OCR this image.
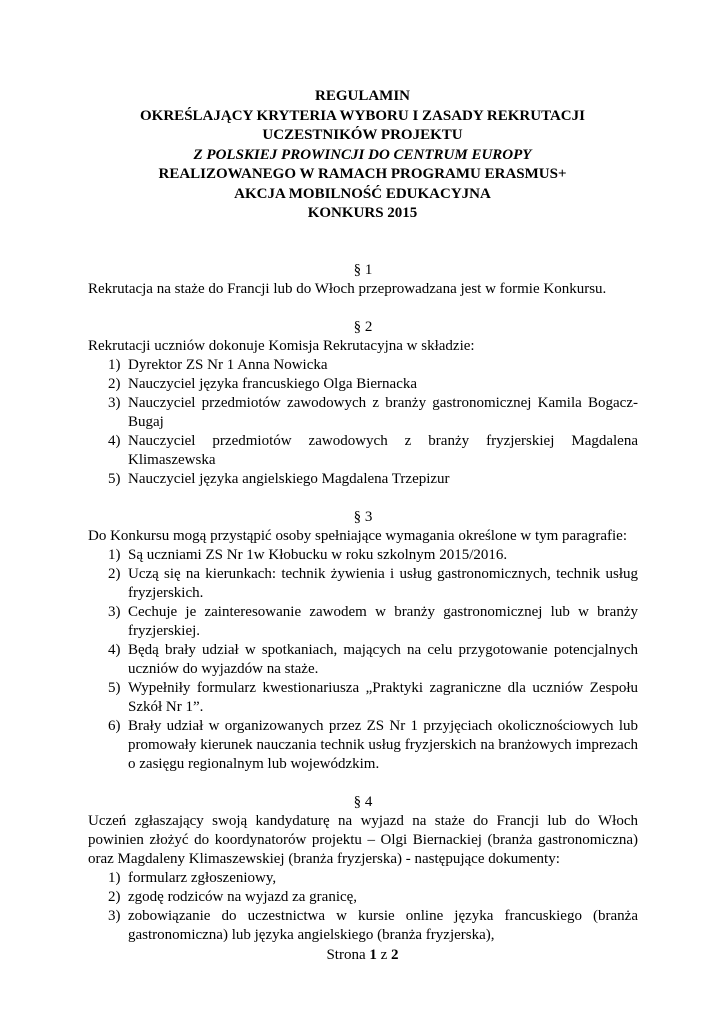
REGULAMIN
OKREŚLAJĄCY KRYTERIA WYBORU I ZASADY REKRUTACJI
UCZESTNIKÓW PROJEKTU
Z POLSKIEJ PROWINCJI DO CENTRUM EUROPY
REALIZOWANEGO W RAMACH PROGRAMU ERASMUS+
AKCJA MOBILNOŚĆ EDUKACYJNA
KONKURS 2015
§ 1

Rekrutacja na staże do Francji lub do Włoch przeprowadzana jest w formie Konkursu.

§ 2

Rekrutacji uczniów dokonuje Komisja Rekrutacyjna w składzie:

1) Dyrektor ZS Nr 1 Anna Nowicka
2) Nauczyciel języka francuskiego Olga Biernacka
3) Nauczyciel przedmiotów zawodowych z branży gastronomicznej Kamila Bogacz-Bugaj
4) Nauczyciel przedmiotów zawodowych z branży fryzjerskiej Magdalena Klimaszewska
5) Nauczyciel języka angielskiego Magdalena Trzepizur
§ 3

Do Konkursu mogą przystąpić osoby spełniające wymagania określone w tym paragrafie:

1) Są uczniami ZS Nr 1w Kłobucku w roku szkolnym 2015/2016.
2) Uczą się na kierunkach: technik żywienia i usług gastronomicznych, technik usług fryzjerskich.
3) Cechuje je zainteresowanie zawodem w branży gastronomicznej lub w branży fryzjerskiej.
4) Będą brały udział w spotkaniach, mających na celu przygotowanie potencjalnych uczniów do wyjazdów na staże.
5) Wypełniły formularz kwestionariusza „Praktyki zagraniczne dla uczniów Zespołu Szkół Nr 1”.
6) Brały udział w organizowanych przez ZS Nr 1 przyjęciach okolicznościowych lub promowały kierunek nauczania technik usług fryzjerskich na branżowych imprezach o zasięgu regionalnym lub wojewódzkim.
§ 4

Uczeń zgłaszający swoją kandydaturę na wyjazd na staże do Francji lub do Włoch powinien złożyć do koordynatorów projektu – Olgi Biernackiej (branża gastronomiczna) oraz Magdaleny Klimaszewskiej (branża fryzjerska) - następujące dokumenty:

1) formularz zgłoszeniowy,
2) zgodę rodziców na wyjazd za granicę,
3) zobowiązanie do uczestnictwa w kursie online języka francuskiego (branża gastronomiczna) lub języka angielskiego (branża fryzjerska),
Strona 1 z 2
